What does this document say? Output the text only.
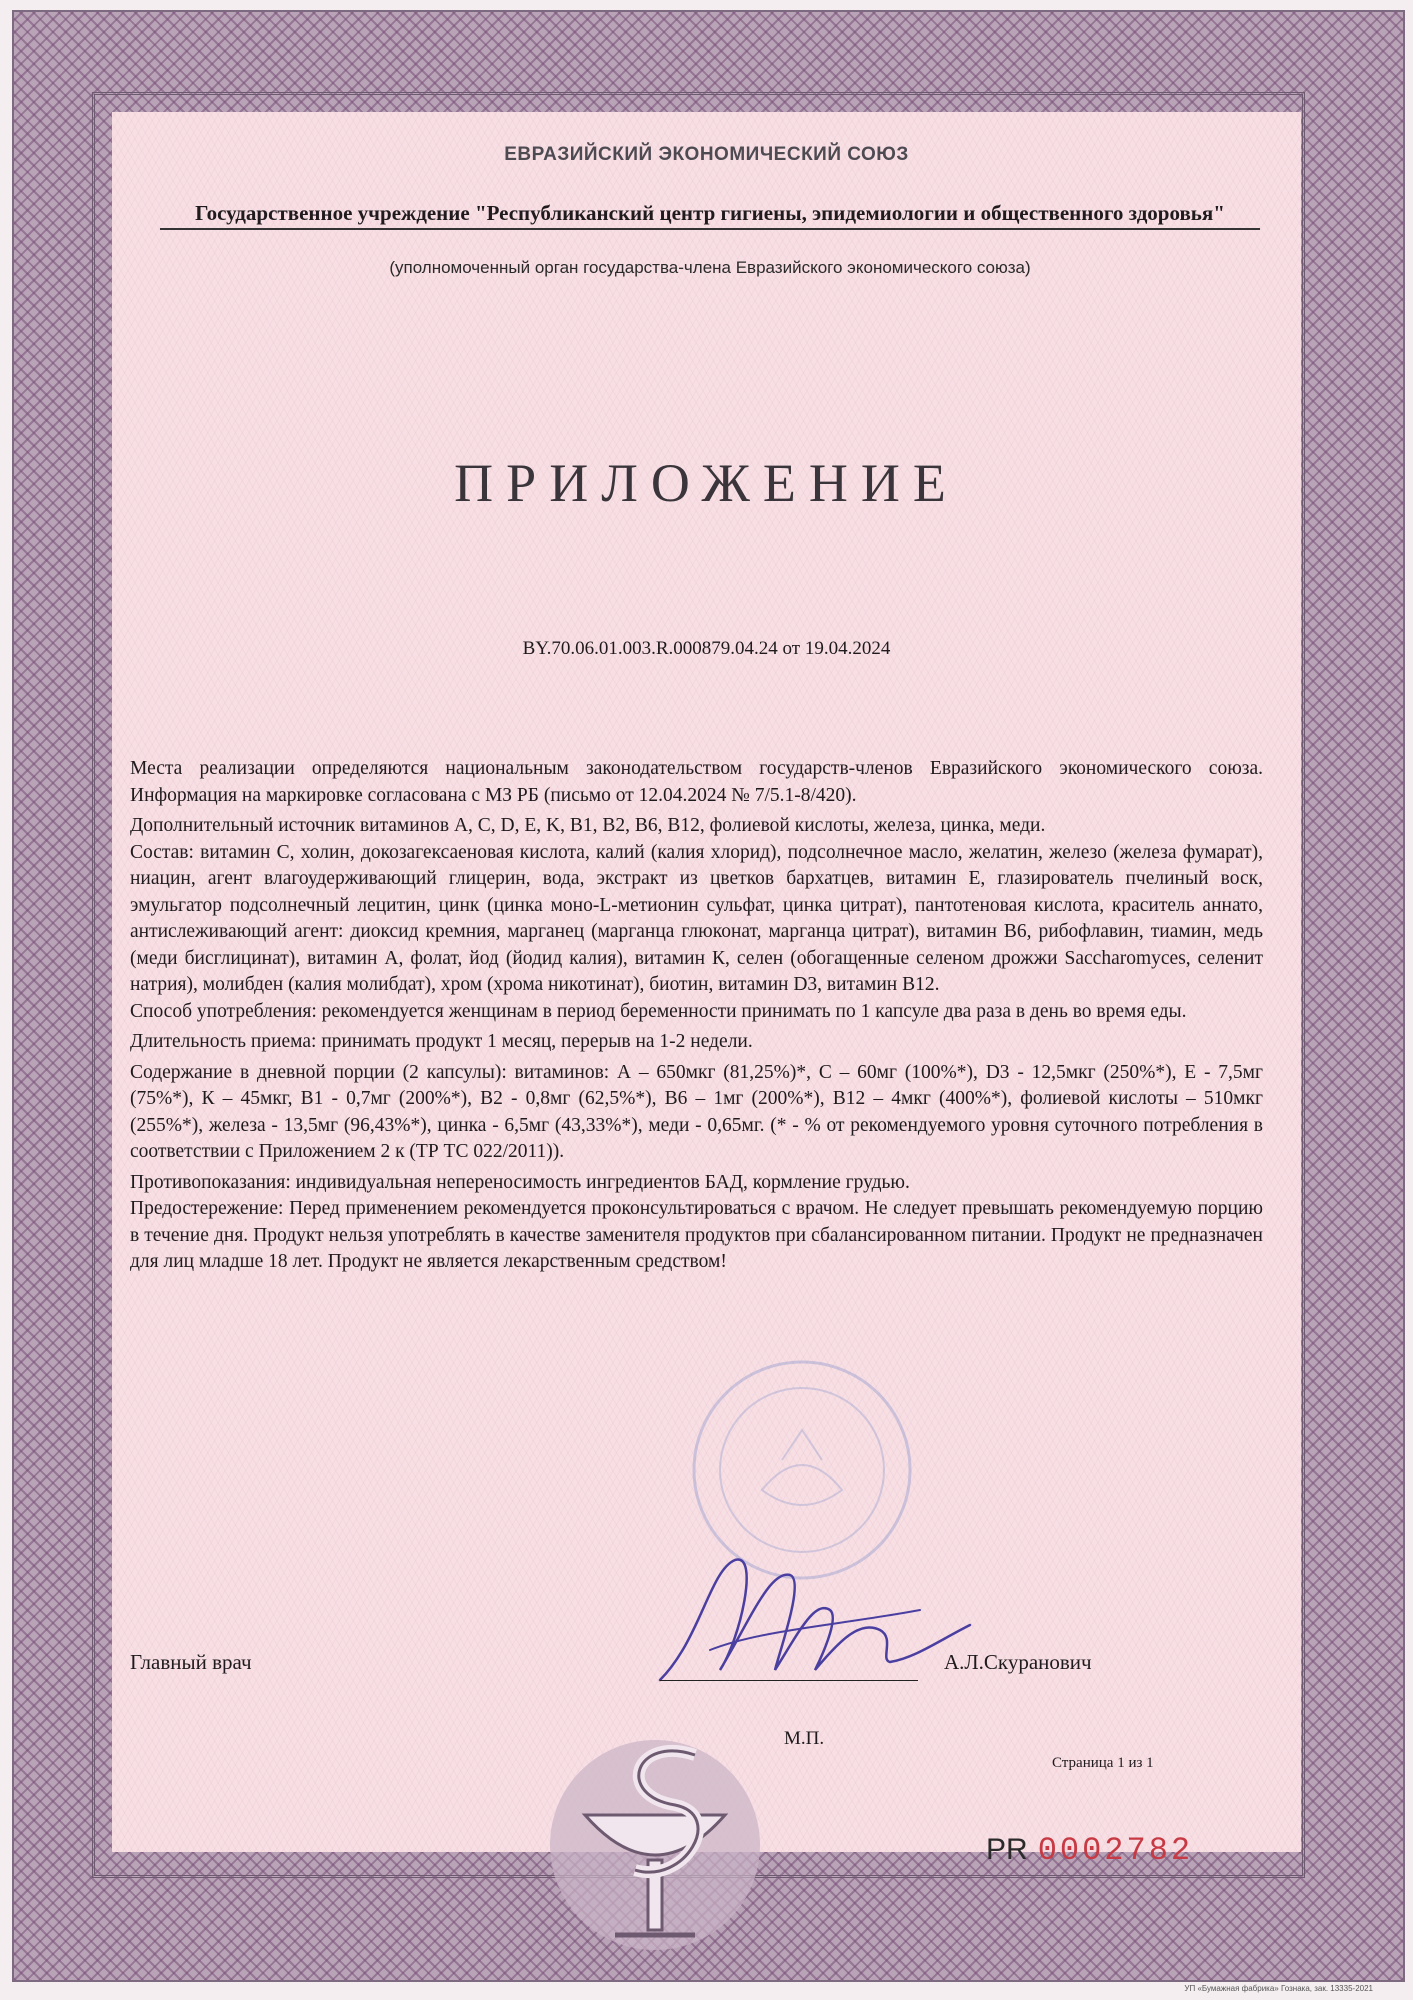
ЕВРАЗИЙСКИЙ ЭКОНОМИЧЕСКИЙ СОЮЗ
Государственное учреждение "Республиканский центр гигиены, эпидемиологии и общественного здоровья"
(уполномоченный орган государства-члена Евразийского экономического союза)
ПРИЛОЖЕНИЕ
BY.70.06.01.003.R.000879.04.24 от 19.04.2024

Места реализации определяются национальным законодательством государств-членов Евразийского экономического союза. Информация на маркировке согласована с МЗ РБ (письмо от 12.04.2024 № 7/5.1-8/420).

Дополнительный источник витаминов A, C, D, E, K, B1, B2, B6, B12, фолиевой кислоты, железа, цинка, меди.

Состав: витамин С, холин, докозагексаеновая кислота, калий (калия хлорид), подсолнечное масло, желатин, железо (железа фумарат), ниацин, агент влагоудерживающий глицерин, вода, экстракт из цветков бархатцев, витамин Е, глазирователь пчелиный воск, эмульгатор подсолнечный лецитин, цинк (цинка моно-L-метионин сульфат, цинка цитрат), пантотеновая кислота, краситель аннато, антислеживающий агент: диоксид кремния, марганец (марганца глюконат, марганца цитрат), витамин В6, рибофлавин, тиамин, медь (меди бисглицинат), витамин А, фолат, йод (йодид калия), витамин К, селен (обогащенные селеном дрожжи Saccharomyces, селенит натрия), молибден (калия молибдат), хром (хрома никотинат), биотин, витамин D3, витамин B12.

Способ употребления: рекомендуется женщинам в период беременности принимать по 1 капсуле два раза в день во время еды.

Длительность приема: принимать продукт 1 месяц, перерыв на 1-2 недели.

Содержание в дневной порции (2 капсулы): витаминов: А – 650мкг (81,25%)*, С – 60мг (100%*), D3 - 12,5мкг (250%*), Е - 7,5мг (75%*), К – 45мкг, В1 - 0,7мг (200%*), В2 - 0,8мг (62,5%*), В6 – 1мг (200%*), В12 – 4мкг (400%*), фолиевой кислоты – 510мкг (255%*), железа - 13,5мг (96,43%*), цинка - 6,5мг (43,33%*), меди - 0,65мг. (* - % от рекомендуемого уровня суточного потребления в соответствии с Приложением 2 к (ТР ТС 022/2011)).

Противопоказания: индивидуальная непереносимость ингредиентов БАД, кормление грудью.

Предостережение: Перед применением рекомендуется проконсультироваться с врачом. Не следует превышать рекомендуемую порцию в течение дня. Продукт нельзя употреблять в качестве заменителя продуктов при сбалансированном питании. Продукт не предназначен для лиц младше 18 лет. Продукт не является лекарственным средством!

Главный врач	А.Л.Скуранович
М.П.
Страница 1 из 1
PR 0002782
УП «Бумажная фабрика» Гознака, зак. 13335-2021
